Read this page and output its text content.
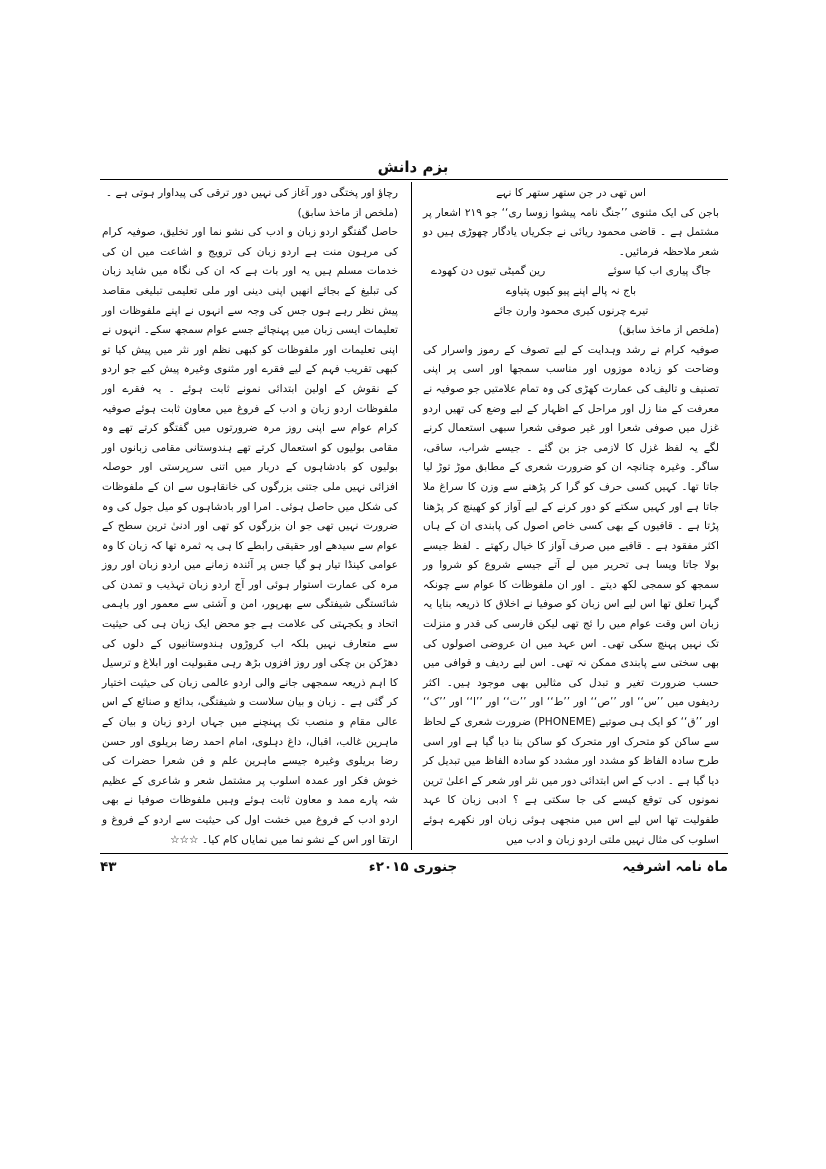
بزم دانش

اس تھی در جن ستھر ستھر کا نہے

باجن کی ایک مثنوی ’’جنگ نامہ پیشوا زوسا ری‘‘ جو ۲۱۹ اشعار پر مشتمل ہے ۔ قاضی محمود ریائی نے جکریاں یادگار چھوڑی ہیں دو شعر ملاحظہ فرمائیں۔

جاگ پیاری اب کیا سوئے
رین گمیٹی تیوں دن کھودے

باج نہ پالے اپنے پیو کیوں پتیاوے

تیرے چرنوں کیری محمود وارن جائے

(ملخص از ماخذ سابق)

صوفیہ کرام نے رشد وہدایت کے لیے تصوف کے رموز واسرار کی وضاحت کو زیادہ موزوں اور مناسب سمجھا اور اسی پر اپنی تصنیف و تالیف کی عمارت کھڑی کی وہ تمام علامتیں جو صوفیہ نے معرفت کے منا زل اور مراحل کے اظہار کے لیے وضع کی تھیں اردو غزل میں صوفی شعرا اور غیر صوفی شعرا سبھی استعمال کرنے لگے یہ لفظ غزل کا لازمی جز بن گئے ۔ جیسے شراب، ساقی، ساگر۔ وغیرہ چنانچہ ان کو ضرورت شعری کے مطابق موڑ توڑ لیا جاتا تھا۔ کہیں کسی حرف کو گرا کر پڑھنے سے وزن کا سراغ ملا جاتا ہے اور کہیں سکتے کو دور کرنے کے لیے آواز کو کھینچ کر پڑھنا پڑتا ہے ۔ قافیوں کے بھی کسی خاص اصول کی پابندی ان کے ہاں اکثر مفقود ہے ۔ قافیے میں صرف آواز کا خیال رکھتے ۔ لفظ جیسے بولا جاتا ویسا ہی تحریر میں لے آتے جیسے شروع کو شروا ور سمجھ کو سمجی لکھ دیتے ۔ اور ان ملفوظات کا عوام سے چونکہ گہرا تعلق تھا اس لیے اس زبان کو صوفیا نے اخلاق کا ذریعہ بنایا یہ زبان اس وقت عوام میں را ئج تھی لیکن فارسی کی قدر و منزلت تک نہیں پہنچ سکی تھی۔ اس عہد میں ان عروضی اصولوں کی بھی سختی سے پابندی ممکن نہ تھی۔ اس لیے ردیف و قوافی میں حسب ضرورت تغیر و تبدل کی مثالیں بھی موجود ہیں۔ اکثر ردیفوں میں ’’س‘‘ اور ’’ص‘‘ اور ’’ط‘‘ اور ’’ت‘‘ اور ’’ا‘‘ اور ’’ک‘‘ اور ’’ق‘‘ کو ایک ہی صوتیے (PHONEME) ضرورت شعری کے لحاظ سے ساکن کو متحرک اور متحرک کو ساکن بنا دیا گیا ہے اور اسی طرح سادہ الفاظ کو مشدد اور مشدد کو سادہ الفاظ میں تبدیل کر دیا گیا ہے ۔ ادب کے اس ابتدائی دور میں نثر اور شعر کے اعلیٰ ترین نمونوں کی توقع کیسے کی جا سکتی ہے ؟ ادبی زبان کا عہد طفولیت تھا اس لیے اس میں منجھی ہوئی زبان اور نکھرے ہوئے اسلوب کی مثال نہیں ملتی اردو زبان و ادب میں

رچاؤ اور پختگی دور آغاز کی نہیں دور ترقی کی پیداوار ہوتی ہے ۔

(ملخص از ماخذ سابق)

حاصل گفتگو اردو زبان و ادب کی نشو نما اور تخلیق، صوفیہ کرام کی مرہون منت ہے اردو زبان کی ترویج و اشاعت میں ان کی خدمات مسلم ہیں یہ اور بات ہے کہ ان کی نگاہ میں شاید زبان کی تبلیغ کے بجائے انھیں اپنی دینی اور ملی تعلیمی تبلیغی مقاصد پیش نظر رہے ہوں جس کی وجہ سے انہوں نے اپنے ملفوظات اور تعلیمات ایسی زبان میں پہنچائے جسے عوام سمجھ سکے۔ انہوں نے اپنی تعلیمات اور ملفوظات کو کبھی نظم اور نثر میں پیش کیا تو کبھی تقریب فہم کے لیے فقرے اور مثنوی وغیرہ پیش کیے جو اردو کے نقوش کے اولین ابتدائی نمونے ثابت ہوئے ۔ یہ فقرے اور ملفوظات اردو زبان و ادب کے فروغ میں معاون ثابت ہوئے صوفیہ کرام عوام سے اپنی روز مرہ ضرورتوں میں گفتگو کرتے تھے وہ مقامی بولیوں کو استعمال کرتے تھے ہندوستانی مقامی زبانوں اور بولیوں کو بادشاہوں کے دربار میں اتنی سرپرستی اور حوصلہ افزائی نہیں ملی جتنی بزرگوں کی خانقاہوں سے ان کے ملفوظات کی شکل میں حاصل ہوئی۔ امرا اور بادشاہوں کو میل جول کی وہ ضرورت نہیں تھی جو ان بزرگوں کو تھی اور ادنیٰ ترین سطح کے عوام سے سیدھے اور حقیقی رابطے کا ہی یہ ثمرہ تھا کہ زبان کا وہ عوامی کینڈا تیار ہو گیا جس پر آئندہ زمانے میں اردو زبان اور روز مرہ کی عمارت استوار ہوئی اور آج اردو زبان تہذیب و تمدن کی شائستگی شیفتگی سے بھرپور، امن و آشتی سے معمور اور باہمی اتحاد و یکجہتی کی علامت ہے جو محض ایک زبان ہی کی حیثیت سے متعارف نہیں بلکہ اب کروڑوں ہندوستانیوں کے دلوں کی دھڑکن بن چکی اور روز افزوں بڑھ رہی مقبولیت اور ابلاغ و ترسیل کا اہم ذریعہ سمجھی جانے والی اردو عالمی زبان کی حیثیت اختیار کر گئی ہے ۔ زبان و بیان سلاست و شیفتگی، بدائع و صنائع کے اس عالی مقام و منصب تک پہنچنے میں جہاں اردو زبان و بیان کے ماہرین غالب، اقبال، داغ دہلوی، امام احمد رضا بریلوی اور حسن رضا بریلوی وغیرہ جیسے ماہرین علم و فن شعرا حضرات کی خوش فکر اور عمدہ اسلوب پر مشتمل شعر و شاعری کے عظیم شہ پارے ممد و معاون ثابت ہوئے وہیں ملفوظات صوفیا نے بھی اردو ادب کے فروغ میں خشت اول کی حیثیت سے اردو کے فروغ و ارتقا اور اس کے نشو نما میں نمایاں کام کیا۔ ☆☆☆

ماہ نامہ اشرفیہ
جنوری ۲۰۱۵ء
۴۳
